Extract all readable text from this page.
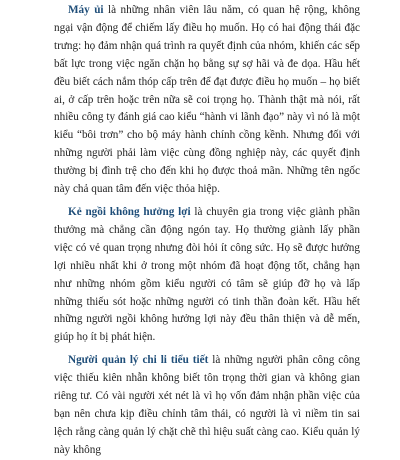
Máy ủi là những nhân viên lâu năm, có quan hệ rộng, không ngại vận động để chiếm lấy điều họ muốn. Họ có hai động thái đặc trưng: họ đảm nhận quá trình ra quyết định của nhóm, khiến các sếp bất lực trong việc ngăn chặn họ bằng sự sợ hãi và đe dọa. Hầu hết đều biết cách nắm thóp cấp trên để đạt được điều họ muốn – họ biết ai, ở cấp trên hoặc trên nữa sẽ coi trọng họ. Thành thật mà nói, rất nhiều công ty đánh giá cao kiểu “hành vi lãnh đạo” này vì nó là một kiểu “bôi trơn” cho bộ máy hành chính cồng kềnh. Nhưng đối với những người phải làm việc cùng đồng nghiệp này, các quyết định thường bị đình trệ cho đến khi họ được thoả mãn. Những tên ngốc này chả quan tâm đến việc thỏa hiệp.

Kẻ ngồi không hưởng lợi là chuyên gia trong việc giành phần thưởng mà chẳng cần động ngón tay. Họ thường giành lấy phần việc có vẻ quan trọng nhưng đòi hỏi ít công sức. Họ sẽ được hưởng lợi nhiều nhất khi ở trong một nhóm đã hoạt động tốt, chẳng hạn như những nhóm gồm kiểu người có tâm sẽ giúp đỡ họ và lấp những thiếu sót hoặc những người có tinh thần đoàn kết. Hầu hết những người ngồi không hưởng lợi này đều thân thiện và dễ mến, giúp họ ít bị phát hiện.

Người quản lý chi li tiểu tiết là những người phân công công việc thiếu kiên nhẫn không biết tôn trọng thời gian và không gian riêng tư. Có vài người xét nét là vì họ vốn đảm nhận phần việc của bạn nên chưa kịp điều chỉnh tâm thái, có người là vì niềm tin sai lệch rằng càng quản lý chặt chẽ thì hiệu suất càng cao. Kiểu quản lý này không
